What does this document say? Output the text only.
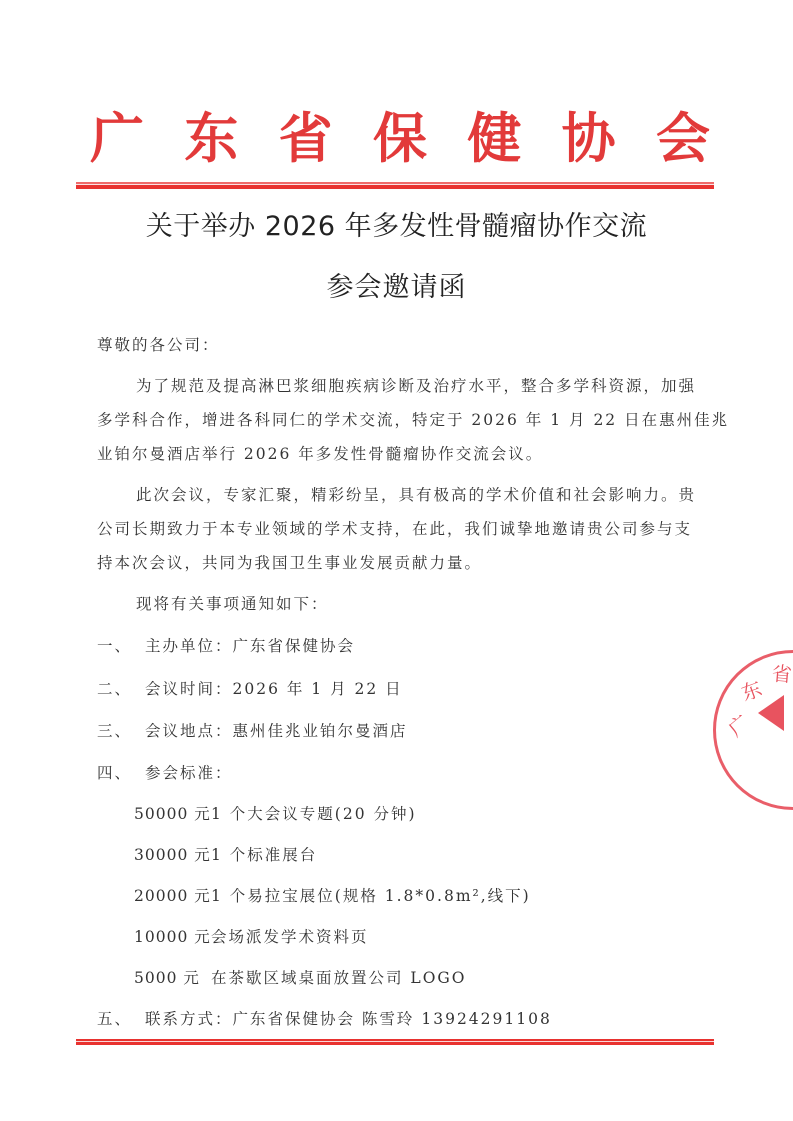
广 东 省 保 健 协 会
关于举办 2026 年多发性骨髓瘤协作交流
参会邀请函
尊敬的各公司：
为了规范及提高淋巴浆细胞疾病诊断及治疗水平，整合多学科资源，加强
多学科合作，增进各科同仁的学术交流，特定于 2026 年 1 月 22 日在惠州佳兆
业铂尔曼酒店举行 2026 年多发性骨髓瘤协作交流会议。
此次会议，专家汇聚，精彩纷呈，具有极高的学术价值和社会影响力。贵
公司长期致力于本专业领域的学术支持，在此，我们诚挚地邀请贵公司参与支
持本次会议，共同为我国卫生事业发展贡献力量。
现将有关事项通知如下：
一、 主办单位：广东省保健协会
二、 会议时间：2026 年 1 月 22 日
三、 会议地点：惠州佳兆业铂尔曼酒店
四、 参会标准：
50000 元 1 个大会议专题(20 分钟)
30000 元 1 个标准展台
20000 元 1 个易拉宝展位(规格 1.8*0.8m²,线下)
10000 元 会场派发学术资料页
5000 元 在茶歇区域桌面放置公司 LOGO
五、 联系方式：广东省保健协会 陈雪玲 13924291108
广
东
省
